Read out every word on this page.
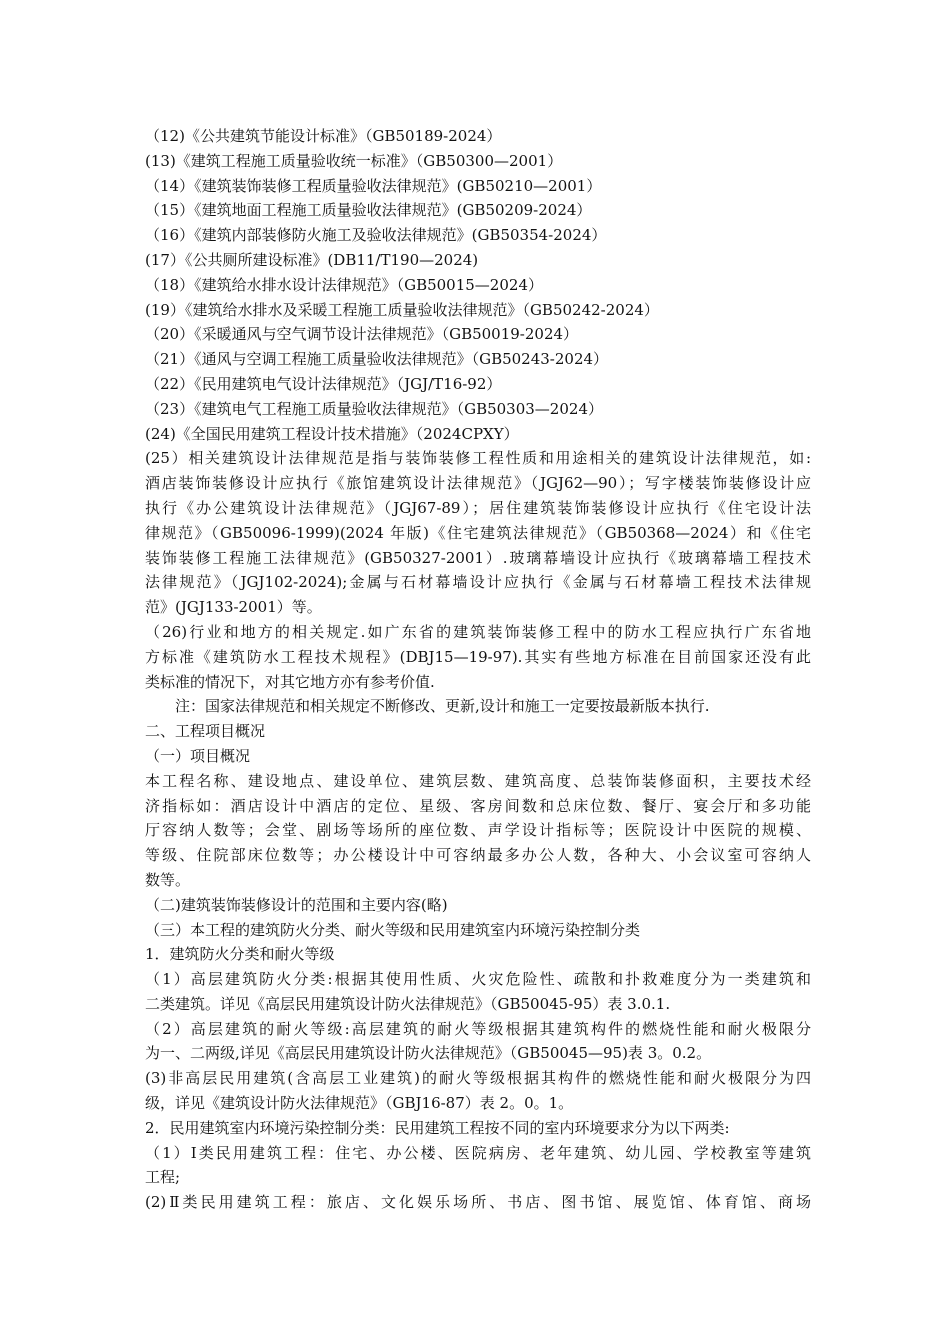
（12)《公共建筑节能设计标准》（GB50189-2024）
(13)《建筑工程施工质量验收统一标准》（GB50300—2001）
（14）《建筑装饰装修工程质量验收法律规范》(GB50210—2001）
（15）《建筑地面工程施工质量验收法律规范》(GB50209-2024）
（16）《建筑内部装修防火施工及验收法律规范》(GB50354-2024）
(17）《公共厕所建设标准》(DB11/T190—2024)
（18）《建筑给水排水设计法律规范》（GB50015—2024）
(19）《建筑给水排水及采暖工程施工质量验收法律规范》（GB50242-2024）
（20）《采暖通风与空气调节设计法律规范》（GB50019-2024）
（21）《通风与空调工程施工质量验收法律规范》（GB50243-2024）
（22）《民用建筑电气设计法律规范》（JGJ/T16-92）
（23）《建筑电气工程施工质量验收法律规范》（GB50303—2024）
(24)《全国民用建筑工程设计技术措施》（2024CPXY）
(25）相关建筑设计法律规范是指与装饰装修工程性质和用途相关的建筑设计法律规范，如:
酒店装饰装修设计应执行《旅馆建筑设计法律规范》（JGJ62—90）；写字楼装饰装修设计应
执行《办公建筑设计法律规范》（JGJ67-89）；居住建筑装饰装修设计应执行《住宅设计法
律规范》（GB50096-1999)(2024 年版)《住宅建筑法律规范》（GB50368—2024）和《住宅
装饰装修工程施工法律规范》(GB50327-2001）.玻璃幕墙设计应执行《玻璃幕墙工程技术
法律规范》（JGJ102-2024);金属与石材幕墙设计应执行《金属与石材幕墙工程技术法律规
范》(JGJ133-2001）等。
（26)行业和地方的相关规定.如广东省的建筑装饰装修工程中的防水工程应执行广东省地
方标准《建筑防水工程技术规程》(DBJ15—19-97).其实有些地方标准在目前国家还没有此
类标准的情况下，对其它地方亦有参考价值.
注：国家法律规范和相关规定不断修改、更新,设计和施工一定要按最新版本执行.
二、工程项目概况
（一）项目概况
本工程名称、建设地点、建设单位、建筑层数、建筑高度、总装饰装修面积，主要技术经
济指标如：酒店设计中酒店的定位、星级、客房间数和总床位数、餐厅、宴会厅和多功能
厅容纳人数等；会堂、剧场等场所的座位数、声学设计指标等；医院设计中医院的规模、
等级、住院部床位数等；办公楼设计中可容纳最多办公人数，各种大、小会议室可容纳人
数等。
（二)建筑装饰装修设计的范围和主要内容(略)
（三）本工程的建筑防火分类、耐火等级和民用建筑室内环境污染控制分类
1．建筑防火分类和耐火等级
（1）高层建筑防火分类:根据其使用性质、火灾危险性、疏散和扑救难度分为一类建筑和
二类建筑。详见《高层民用建筑设计防火法律规范》（GB50045-95）表 3.0.1.
（2）高层建筑的耐火等级:高层建筑的耐火等级根据其建筑构件的燃烧性能和耐火极限分
为一、二两级,详见《高层民用建筑设计防火法律规范》（GB50045—95)表 3。0.2。
(3)非高层民用建筑(含高层工业建筑)的耐火等级根据其构件的燃烧性能和耐火极限分为四
级，详见《建筑设计防火法律规范》（GBJ16-87）表 2。0。1。
2．民用建筑室内环境污染控制分类：民用建筑工程按不同的室内环境要求分为以下两类:
（1）Ⅰ类民用建筑工程：住宅、办公楼、医院病房、老年建筑、幼儿园、学校教室等建筑
工程;
(2)Ⅱ类民用建筑工程：旅店、文化娱乐场所、书店、图书馆、展览馆、体育馆、商场
